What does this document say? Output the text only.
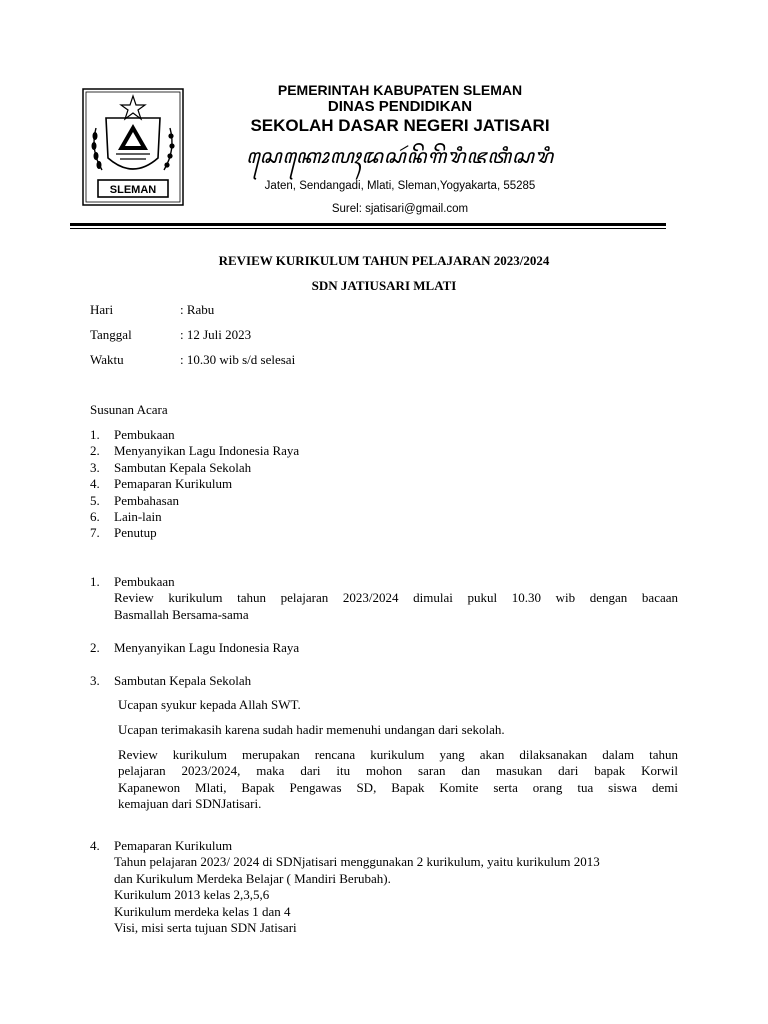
SLEMAN
PEMERINTAH KABUPATEN SLEMAN
DINAS PENDIDIKAN
SEKOLAH DASAR NEGERI JATISARI
ꦱꦺꦏꦺꦴꦭꦃꦢꦱꦂꦤꦼꦒꦼꦫꦶꦗꦠꦶꦱꦫꦶ
Jaten, Sendangadi, Mlati, Sleman,Yogyakarta, 55285
Surel: sjatisari@gmail.com
REVIEW KURIKULUM TAHUN PELAJARAN 2023/2024
SDN JATIUSARI MLATI
Hari	: Rabu
Tanggal	: 12 Juli 2023
Waktu	: 10.30 wib s/d selesai
Susunan Acara
1.	Pembukaan
2.	Menyanyikan Lagu Indonesia Raya
3.	Sambutan Kepala Sekolah
4.	Pemaparan Kurikulum
5.	Pembahasan
6.	Lain-lain
7.	Penutup
1.	Pembukaan
Review kurikulum tahun pelajaran 2023/2024 dimulai pukul 10.30 wib dengan bacaan
Basmallah Bersama-sama
2.	Menyanyikan Lagu Indonesia Raya
3.	Sambutan Kepala Sekolah
Ucapan syukur kepada Allah SWT.
Ucapan terimakasih karena sudah hadir memenuhi undangan dari sekolah.
Review kurikulum merupakan rencana kurikulum yang akan dilaksanakan dalam tahun
pelajaran 2023/2024, maka dari itu mohon saran dan masukan dari bapak Korwil
Kapanewon Mlati, Bapak Pengawas SD, Bapak Komite serta orang tua siswa demi
kemajuan dari SDNJatisari.
4.	Pemaparan Kurikulum
Tahun pelajaran 2023/ 2024 di SDNjatisari menggunakan 2 kurikulum, yaitu kurikulum 2013
dan Kurikulum Merdeka Belajar ( Mandiri Berubah).
Kurikulum 2013 kelas 2,3,5,6
Kurikulum merdeka kelas 1 dan 4
Visi, misi serta tujuan SDN Jatisari
